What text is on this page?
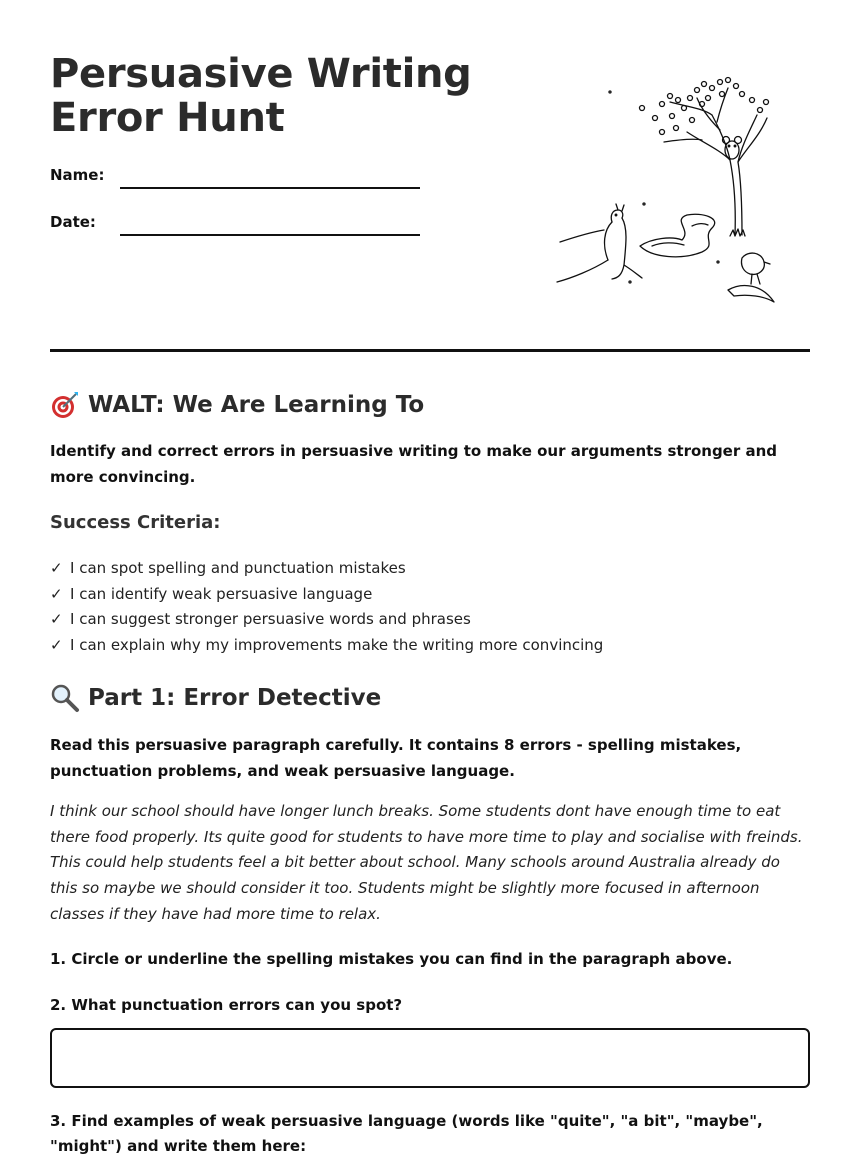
Persuasive Writing Error Hunt
Name:
Date:
WALT: We Are Learning To

Identify and correct errors in persuasive writing to make our arguments stronger and more convincing.

Success Criteria:
✓ I can spot spelling and punctuation mistakes
✓ I can identify weak persuasive language
✓ I can suggest stronger persuasive words and phrases
✓ I can explain why my improvements make the writing more convincing
Part 1: Error Detective

Read this persuasive paragraph carefully. It contains 8 errors - spelling mistakes, punctuation problems, and weak persuasive language.

I think our school should have longer lunch breaks. Some students dont have enough time to eat there food properly. Its quite good for students to have more time to play and socialise with freinds. This could help students feel a bit better about school. Many schools around Australia already do this so maybe we should consider it too. Students might be slightly more focused in afternoon classes if they have had more time to relax.

1. Circle or underline the spelling mistakes you can find in the paragraph above.

2. What punctuation errors can you spot?

3. Find examples of weak persuasive language (words like "quite", "a bit", "maybe", "might") and write them here:
